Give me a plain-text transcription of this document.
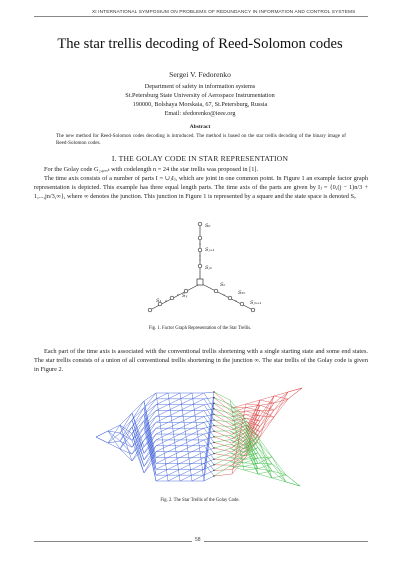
XI INTERNATIONAL SYMPOSIUM ON PROBLEMS OF REDUNDANCY IN INFORMATION AND CONTROL SYSTEMS
The star trellis decoding of Reed-Solomon codes
Sergei V. Fedorenko
Department of safety in information systems
St.Petersburg State University of Aerospace Instrumentation
190000, Bolshaya Morskaia, 67, St.Petersburg, Russia
Email: sfedorenko@ieee.org
Abstract
The new method for Reed-Solomon codes decoding is introduced. The method is based on the star trellis decoding of the binary image of Reed-Solomon codes.
I. THE GOLAY CODE IN STAR REPRESENTATION
For the Golay code G₂₄,ₑₓₜ with codelength n = 24 the star trellis was proposed in [1].
The time axis consists of a number of parts I = ∪ⱼIⱼ, which are joint in one common point. In Figure 1 an example factor graph representation is depicted. This example has three equal length parts. The time axis of the parts are given by Iⱼ = {0,(j − 1)n/3 + 1,...,jn/3,∞}, where ∞ denotes the junction. This junction in Figure 1 is represented by a square and the state space is denoted Sᵢ.
S₀
Sⱼ₊₁
Sⱼₙ
Sₙ
Sᵧ
S₁
S₂ₙ
Sⱼₙ₊₁
Fig. 1. Factor Graph Representation of the Star Trellis.
Each part of the time axis is associated with the conventional trellis shortening with a single starting state and some end states. The star trellis consists of a union of all conventional trellis shortening in the junction ∞. The star trellis of the Golay code is given in Figure 2.
Fig. 2. The Star Trellis of the Golay Code.
58
